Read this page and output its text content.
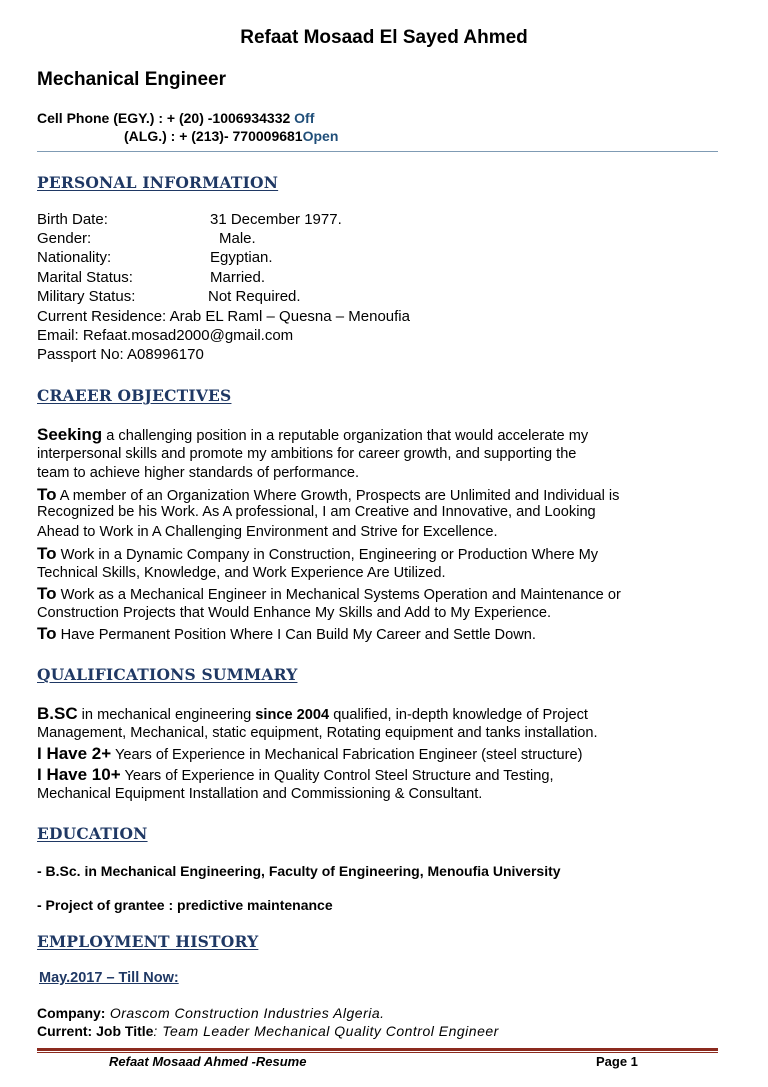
Refaat Mosaad El Sayed Ahmed
Mechanical Engineer
Cell Phone (EGY.) : + (20) -1006934332 Off
(ALG.) : + (213)- 770009681Open
PERSONAL INFORMATION
Birth Date:	31 December 1977.
Gender:	Male.
Nationality:	Egyptian.
Marital Status:	Married.
Military Status:	Not Required.
Current Residence: Arab EL Raml – Quesna – Menoufia
Email: Refaat.mosad2000@gmail.com
Passport No: A08996170
CRAEER OBJECTIVES
Seeking a challenging position in a reputable organization that would accelerate my
interpersonal skills and promote my ambitions for career growth, and supporting the
team to achieve higher standards of performance.
To A member of an Organization Where Growth, Prospects are Unlimited and Individual is
Recognized be his Work. As A professional, I am Creative and Innovative, and Looking
Ahead to Work in A Challenging Environment and Strive for Excellence.
To Work in a Dynamic Company in Construction, Engineering or Production Where My
Technical Skills, Knowledge, and Work Experience Are Utilized.
To Work as a Mechanical Engineer in Mechanical Systems Operation and Maintenance or
Construction Projects that Would Enhance My Skills and Add to My Experience.
To Have Permanent Position Where I Can Build My Career and Settle Down.
QUALIFICATIONS SUMMARY
B.SC in mechanical engineering since 2004 qualified, in-depth knowledge of Project
Management, Mechanical, static equipment, Rotating equipment and tanks installation.
I Have 2+ Years of Experience in Mechanical Fabrication Engineer (steel structure)
I Have 10+ Years of Experience in Quality Control Steel Structure and Testing,
Mechanical Equipment Installation and Commissioning & Consultant.
EDUCATION
- B.Sc. in Mechanical Engineering, Faculty of Engineering, Menoufia University
- Project of grantee : predictive maintenance
EMPLOYMENT HISTORY
May.2017 – Till Now:
Company: Orascom Construction Industries Algeria.
Current: Job Title: Team Leader Mechanical Quality Control Engineer
Refaat Mosaad Ahmed -Resume	Page 1
